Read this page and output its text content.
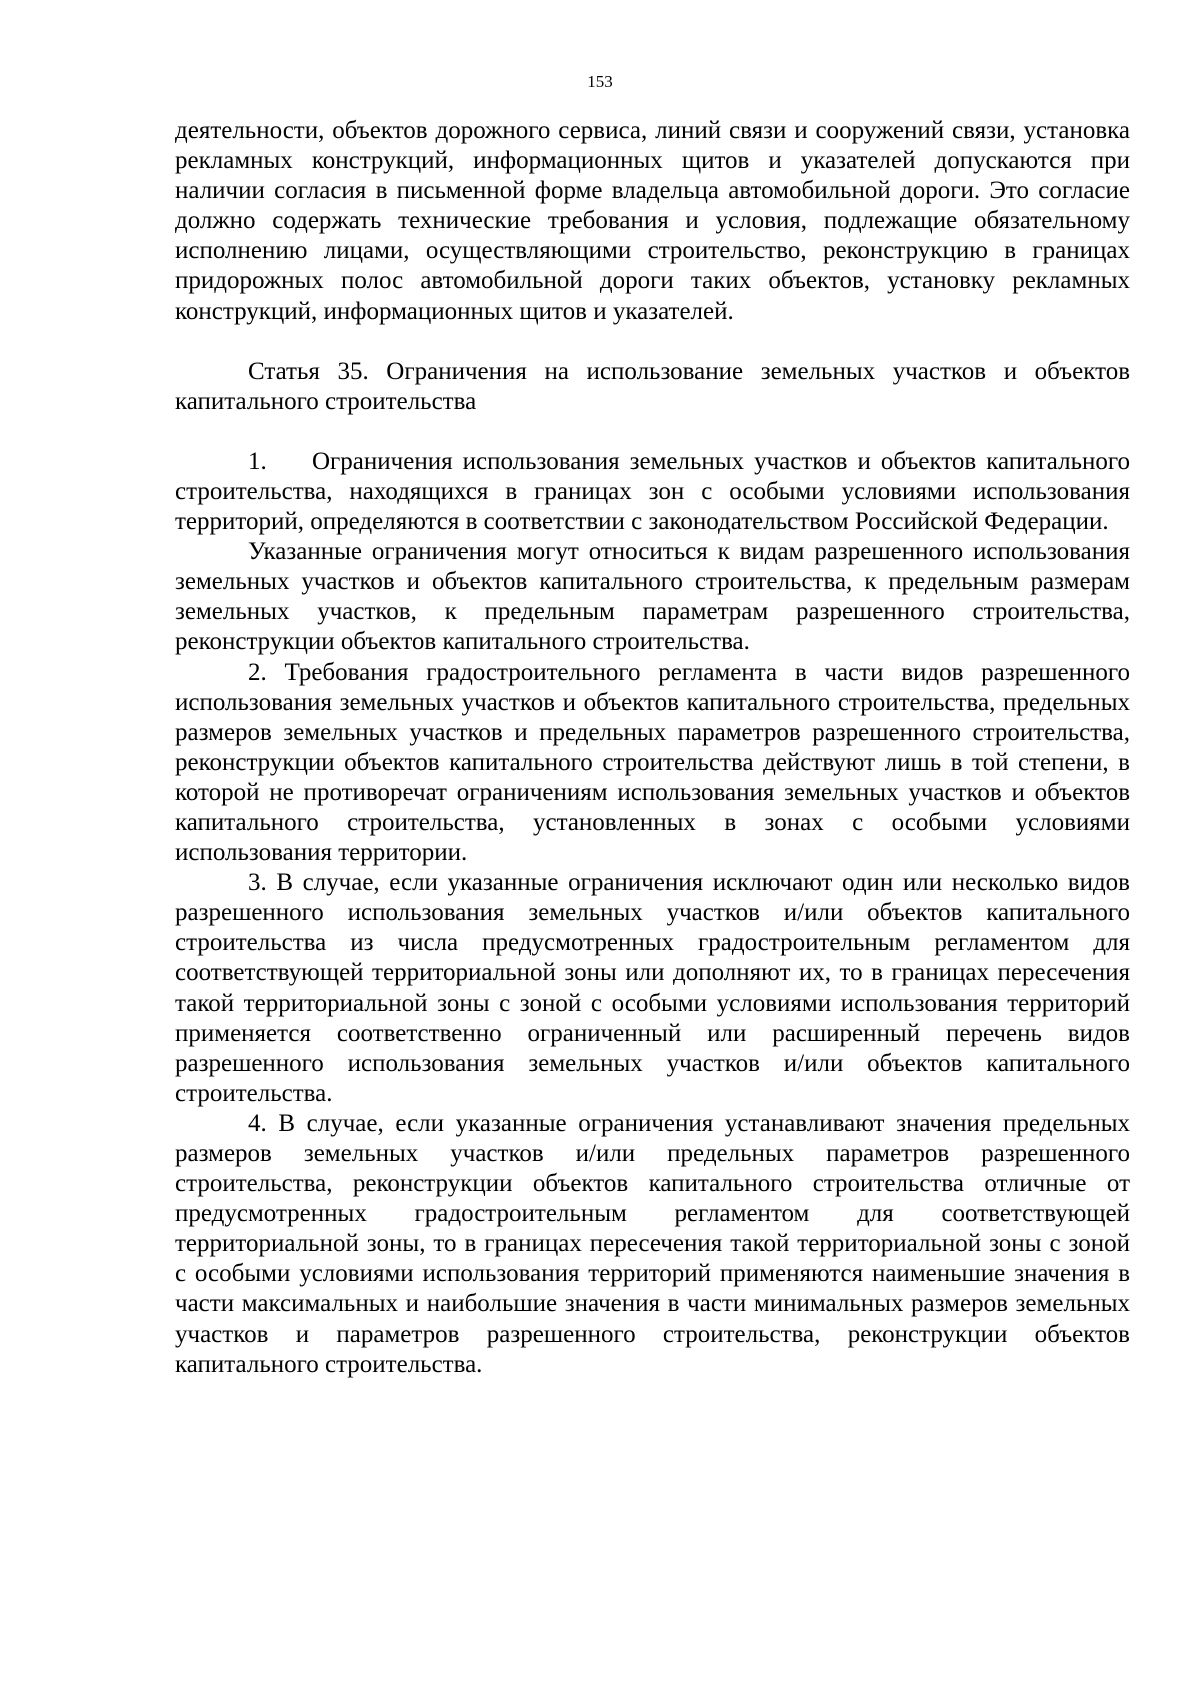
153

деятельности, объектов дорожного сервиса, линий связи и сооружений связи, установка рекламных конструкций, информационных щитов и указателей допускаются при наличии согласия в письменной форме владельца автомобильной дороги. Это согласие должно содержать технические требования и условия, подлежащие обязательному исполнению лицами, осуществляющими строительство, реконструкцию в границах придорожных полос автомобильной дороги таких объектов, установку рекламных конструкций, информационных щитов и указателей.

Статья 35. Ограничения на использование земельных участков и объектов капитального строительства

1. Ограничения использования земельных участков и объектов капитального строительства, находящихся в границах зон с особыми условиями использования территорий, определяются в соответствии с законодательством Российской Федерации.

Указанные ограничения могут относиться к видам разрешенного использования земельных участков и объектов капитального строительства, к предельным размерам земельных участков, к предельным параметрам разрешенного строительства, реконструкции объектов капитального строительства.

2. Требования градостроительного регламента в части видов разрешенного использования земельных участков и объектов капитального строительства, предельных размеров земельных участков и предельных параметров разрешенного строительства, реконструкции объектов капитального строительства действуют лишь в той степени, в которой не противоречат ограничениям использования земельных участков и объектов капитального строительства, установленных в зонах с особыми условиями использования территории.

3. В случае, если указанные ограничения исключают один или несколько видов разрешенного использования земельных участков и/или объектов капитального строительства из числа предусмотренных градостроительным регламентом для соответствующей территориальной зоны или дополняют их, то в границах пересечения такой территориальной зоны с зоной с особыми условиями использования территорий применяется соответственно ограниченный или расширенный перечень видов разрешенного использования земельных участков и/или объектов капитального строительства.

4. В случае, если указанные ограничения устанавливают значения предельных размеров земельных участков и/или предельных параметров разрешенного строительства, реконструкции объектов капитального строительства отличные от предусмотренных градостроительным регламентом для соответствующей территориальной зоны, то в границах пересечения такой территориальной зоны с зоной с особыми условиями использования территорий применяются наименьшие значения в части максимальных и наибольшие значения в части минимальных размеров земельных участков и параметров разрешенного строительства, реконструкции объектов капитального строительства.
